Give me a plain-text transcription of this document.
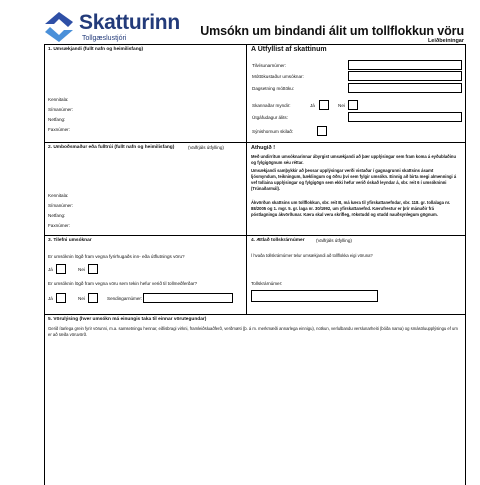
Skatturinn
Tollgæslustjóri
Umsókn um bindandi álit um tollflokkun vöru
Leiðbeiningar
1. Umsækjandi (fullt nafn og heimilisfang)
Kennitala:
Símanúmer:
Netfang:
Faxnúmer:
A Útfyllist af skattinum
Tilvísunarnúmer:
Móttökustaður umsóknar:
Dagsetning móttöku:
Skannaðar myndir:	Já	Nei
Útgáfudagur álits:
Sýnishornum skilað:
2. Umboðsmaður eða fulltrúi (fullt nafn og heimilisfang)	(Valfrjáls útfylling)
Kennitala:
Símanúmer:
Netfang:
Faxnúmer:
Athugið !
Með undirritun umsóknarinnar ábyrgist umsækjandi að þær upplýsingar sem fram koma á eyðublaðinu og fylgigögnum séu réttar.
Umsækjandi samþykkir að þessar upplýsingar verði vistaðar í gagnagrunni skattsins ásamt ljósmyndum, teikningum, bæklingum og öðru því sem fylgir umsókn. Einnig að birta megi almenningi á vef tollaina upplýsingar og fylgigögn sem ekki hefur verið óskað leyndar á, sbr. reit 6 í umsókninni (Trúnaðarmál).
Ákvörðun skattsins um tollflokkun, sbr. reit B, má kæra til yfirskattanefndar, sbr. 118. gr. tollalaga nr. 88/2005 og 1. mgr. 5. gr. laga nr. 30/1992, um yfirskattanefnd. Kærufrestur er þrír mánuðir frá póstlagningu ákvörðunar. Kæra skal vera skrifleg, rökstudd og studd nauðsynlegum gögnum.
3. Tilefni umsóknar
Er umsóknin lögð fram vegna fyrirhugaðs inn- eða útflutnings vöru?
Já	Nei
Er umsóknin lögð fram vegna vöru sem tekin hefur verið til tollmeðferðar?
Já	Nei	Sendingarnúmer:
4. Ætlað tollskrárnúmer (Valfrjáls útfylling)
Í hvaða tollskrárnúmer telur umsækjandi að tollflokka eigi vöruna?
Tollskrárnúmer:
5. Vörulýsing (hver umsókn má einungis taka til einnar vörutegundar)
Gerið ítarlega grein fyrir vörunni, m.a. samsetningu hennar, eðlisbragi virkni, framleiðsluaðferð, verðmæti (þ. á m. merkmæði annarlega einnigu), notkun, verlulbandu verslunarheiti (bóða nama) og smásöluupplýsingu ef um er að ræða vöruvörð.
